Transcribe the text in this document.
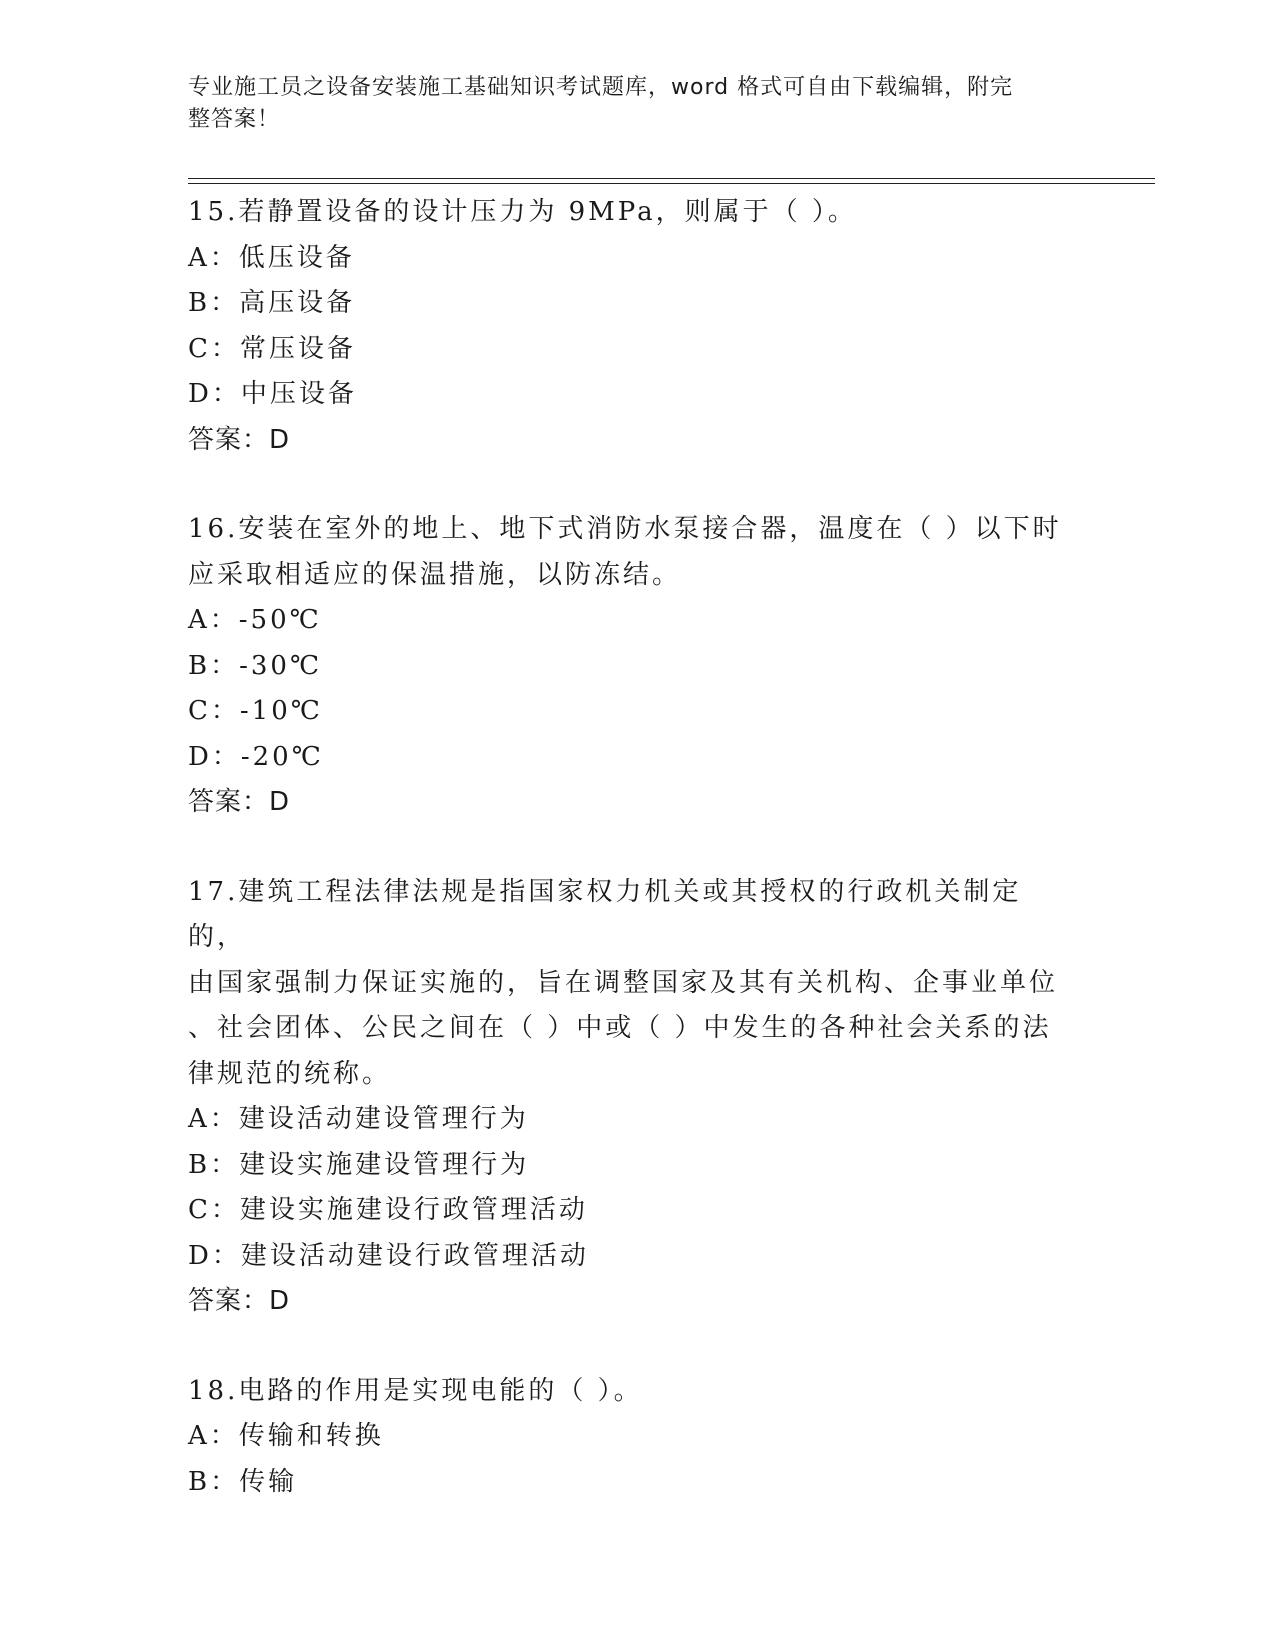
专业施工员之设备安装施工基础知识考试题库，word 格式可自由下载编辑，附完
整答案！

15.若静置设备的设计压力为 9MPa，则属于（ ）。
A：低压设备
B：高压设备
C：常压设备
D：中压设备
答案：D
16.安装在室外的地上、地下式消防水泵接合器，温度在（ ）以下时
应采取相适应的保温措施，以防冻结。
A：-50℃
B：-30℃
C：-10℃
D：-20℃
答案：D
17.建筑工程法律法规是指国家权力机关或其授权的行政机关制定的，
由国家强制力保证实施的，旨在调整国家及其有关机构、企事业单位
、社会团体、公民之间在（ ）中或（ ）中发生的各种社会关系的法
律规范的统称。
A：建设活动建设管理行为
B：建设实施建设管理行为
C：建设实施建设行政管理活动
D：建设活动建设行政管理活动
答案：D
18.电路的作用是实现电能的（ ）。
A：传输和转换
B：传输
